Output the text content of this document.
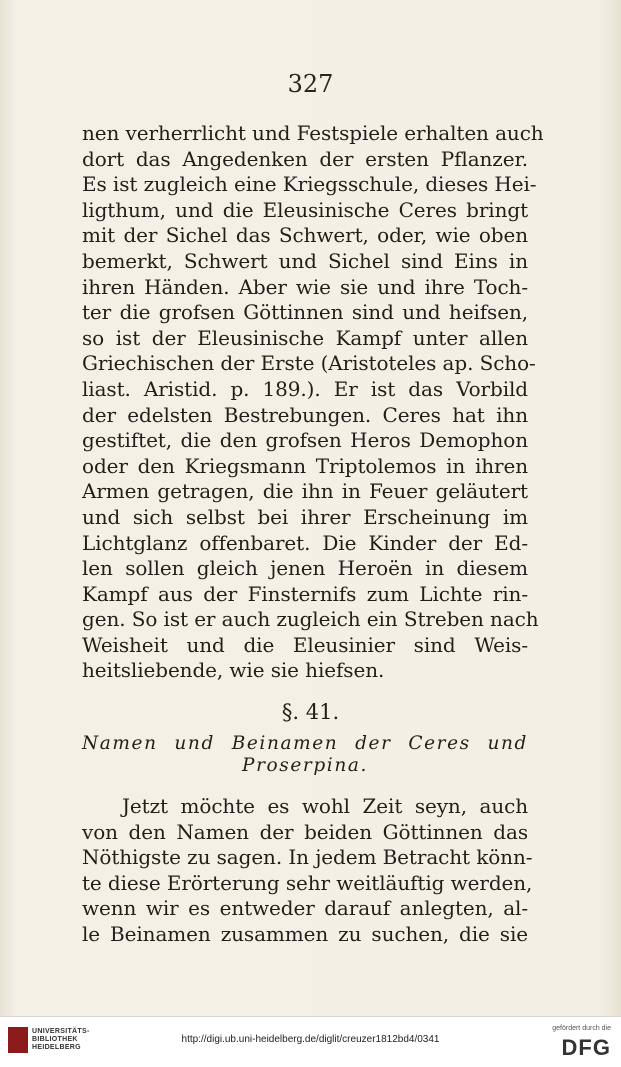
327
nen verherrlicht und Festspiele erhalten auch
dort das Angedenken der ersten Pflanzer.
Es ist zugleich eine Kriegsschule, dieses Hei-
ligthum, und die Eleusinische Ceres bringt
mit der Sichel das Schwert, oder, wie oben
bemerkt, Schwert und Sichel sind Eins in
ihren Händen. Aber wie sie und ihre Toch-
ter die grofsen Göttinnen sind und heifsen,
so ist der Eleusinische Kampf unter allen
Griechischen der Erste (Aristoteles ap. Scho-
liast. Aristid. p. 189.). Er ist das Vorbild
der edelsten Bestrebungen. Ceres hat ihn
gestiftet, die den grofsen Heros Demophon
oder den Kriegsmann Triptolemos in ihren
Armen getragen, die ihn in Feuer geläutert
und sich selbst bei ihrer Erscheinung im
Lichtglanz offenbaret. Die Kinder der Ed-
len sollen gleich jenen Heroën in diesem
Kampf aus der Finsternifs zum Lichte rin-
gen. So ist er auch zugleich ein Streben nach
Weisheit und die Eleusinier sind Weis-
heitsliebende, wie sie hiefsen.
§. 41.
Namen und Beinamen der Ceres und
Proserpina.
Jetzt möchte es wohl Zeit seyn, auch
von den Namen der beiden Göttinnen das
Nöthigste zu sagen. In jedem Betracht könn-
te diese Erörterung sehr weitläuftig werden,
wenn wir es entweder darauf anlegten, al-
le Beinamen zusammen zu suchen, die sie
UNIVERSITÄTS-
BIBLIOTHEK
HEIDELBERG
http://digi.ub.uni-heidelberg.de/diglit/creuzer1812bd4/0341
gefördert durch die
DFG
